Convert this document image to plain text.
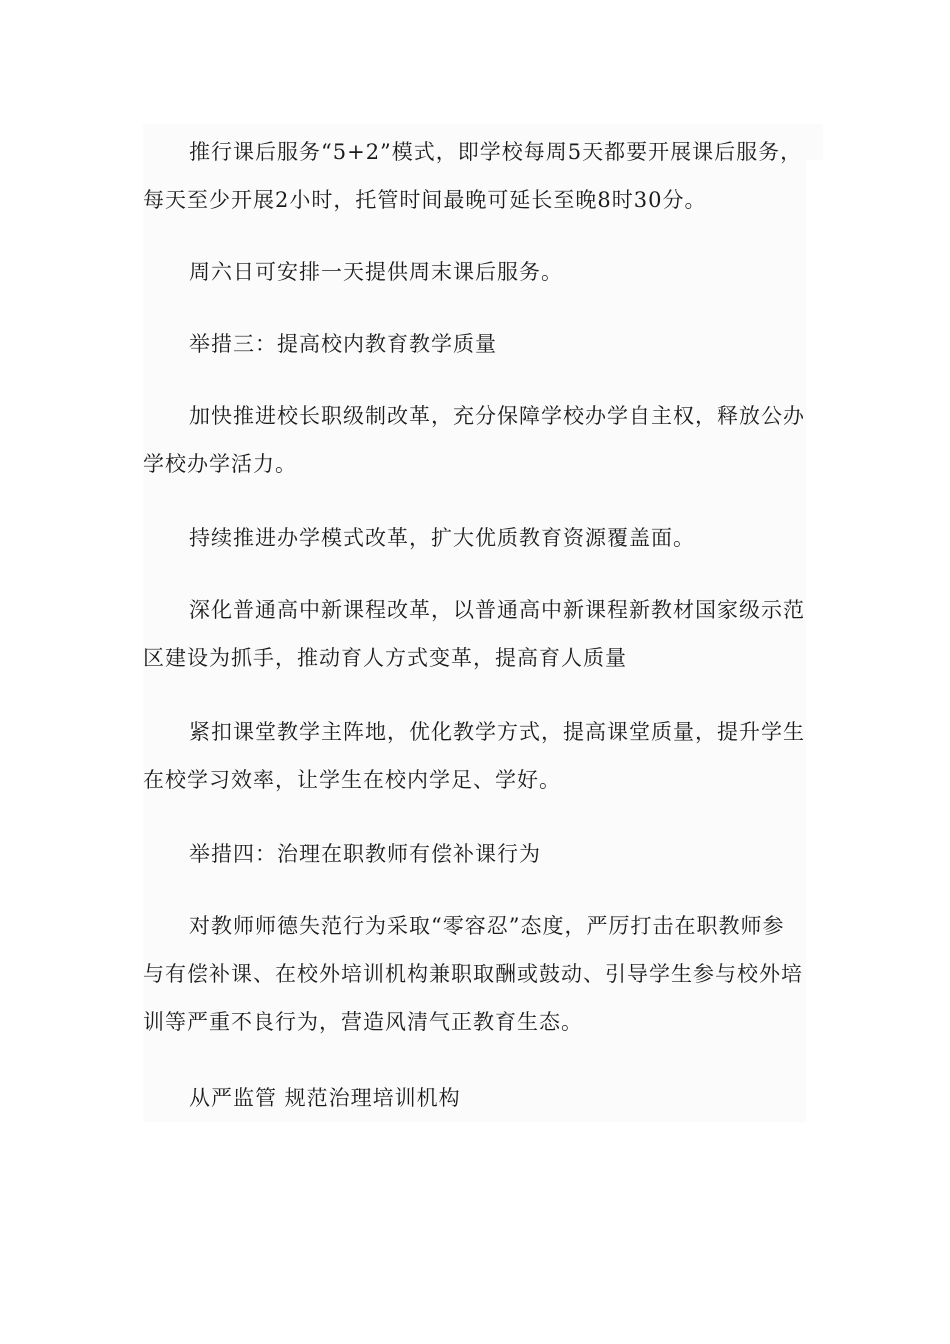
推行课后服务“5+2”模式，即学校每周5天都要开展课后服务，每天至少开展2小时，托管时间最晚可延长至晚8时30分。

周六日可安排一天提供周末课后服务。

举措三：提高校内教育教学质量

加快推进校长职级制改革，充分保障学校办学自主权，释放公办学校办学活力。

持续推进办学模式改革，扩大优质教育资源覆盖面。

深化普通高中新课程改革，以普通高中新课程新教材国家级示范区建设为抓手，推动育人方式变革，提高育人质量

紧扣课堂教学主阵地，优化教学方式，提高课堂质量，提升学生在校学习效率，让学生在校内学足、学好。

举措四：治理在职教师有偿补课行为

对教师师德失范行为采取“零容忍”态度，严厉打击在职教师参与有偿补课、在校外培训机构兼职取酬或鼓动、引导学生参与校外培训等严重不良行为，营造风清气正教育生态。

从严监管 规范治理培训机构
